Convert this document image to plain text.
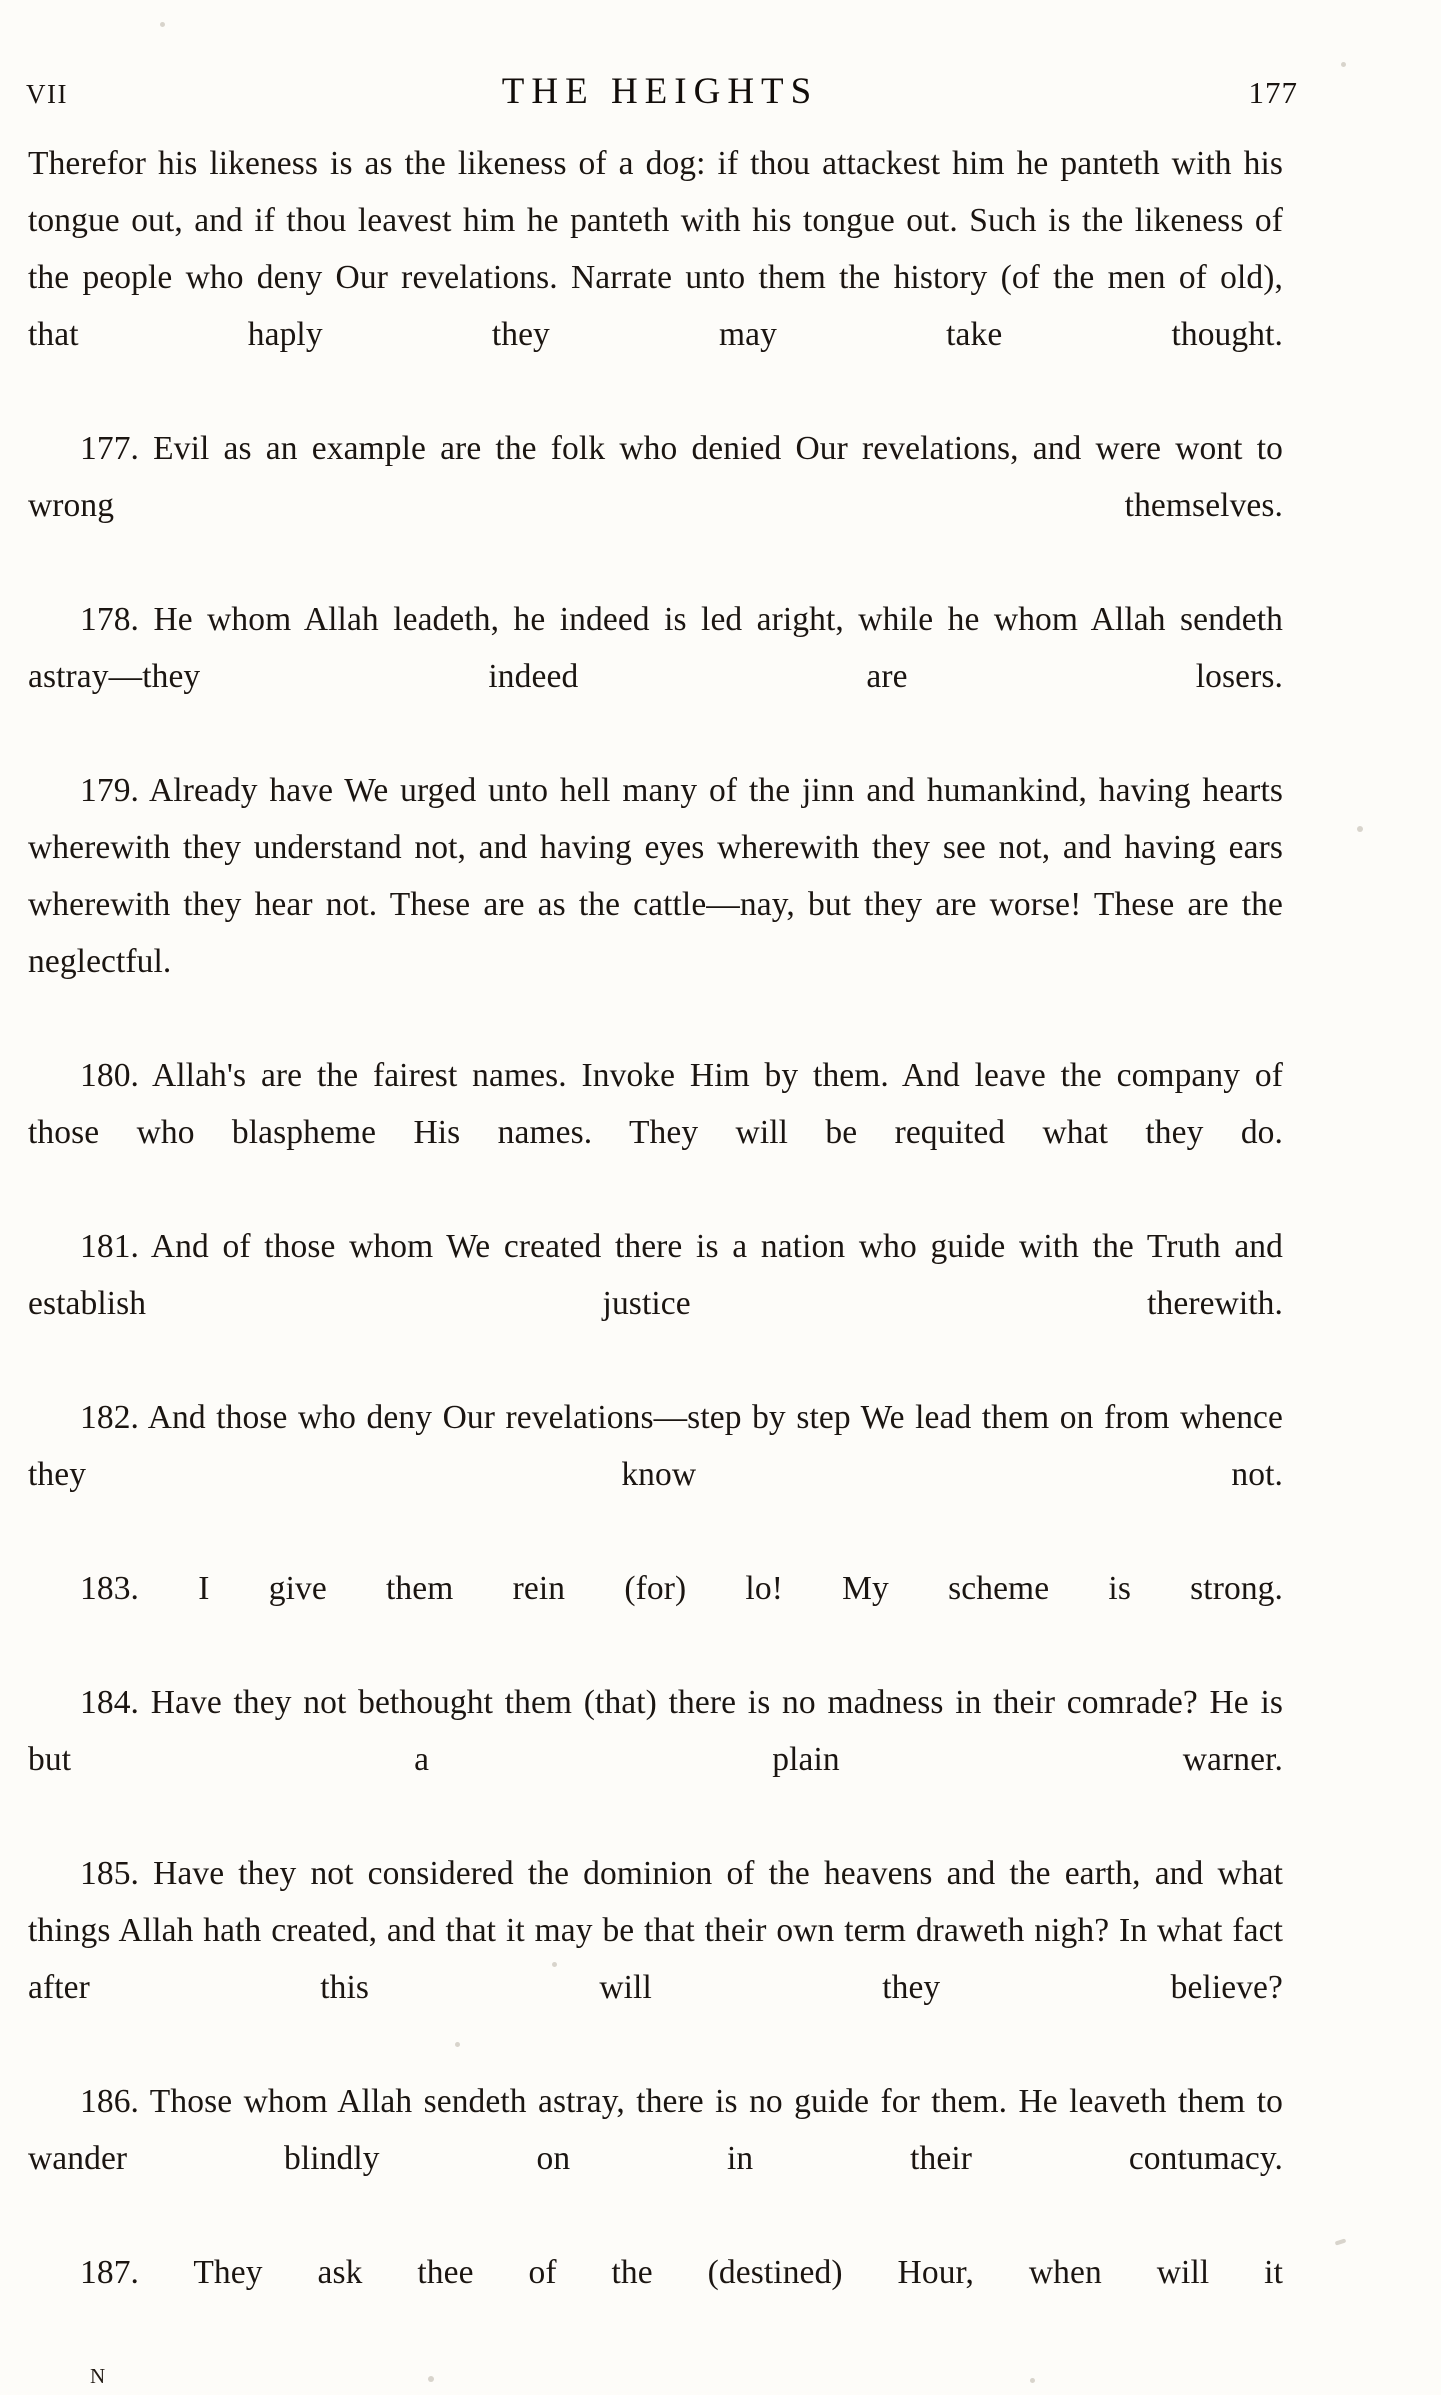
VII	THE HEIGHTS	177

Therefor his likeness is as the likeness of a dog: if thou attackest him he panteth with his tongue out, and if thou leavest him he panteth with his tongue out. Such is the likeness of the people who deny Our revelations. Narrate unto them the history (of the men of old), that haply they may take thought.

177. Evil as an example are the folk who denied Our revelations, and were wont to wrong themselves.

178. He whom Allah leadeth, he indeed is led aright, while he whom Allah sendeth astray—they indeed are losers.

179. Already have We urged unto hell many of the jinn and humankind, having hearts wherewith they understand not, and having eyes wherewith they see not, and having ears wherewith they hear not. These are as the cattle—nay, but they are worse! These are the neglectful.

180. Allah's are the fairest names. Invoke Him by them. And leave the company of those who blaspheme His names. They will be requited what they do.

181. And of those whom We created there is a nation who guide with the Truth and establish justice therewith.

182. And those who deny Our revelations—step by step We lead them on from whence they know not.

183. I give them rein (for) lo! My scheme is strong.

184. Have they not bethought them (that) there is no madness in their comrade? He is but a plain warner.

185. Have they not considered the dominion of the heavens and the earth, and what things Allah hath created, and that it may be that their own term draweth nigh? In what fact after this will they believe?

186. Those whom Allah sendeth astray, there is no guide for them. He leaveth them to wander blindly on in their contumacy.

187. They ask thee of the (destined) Hour, when will it

N
